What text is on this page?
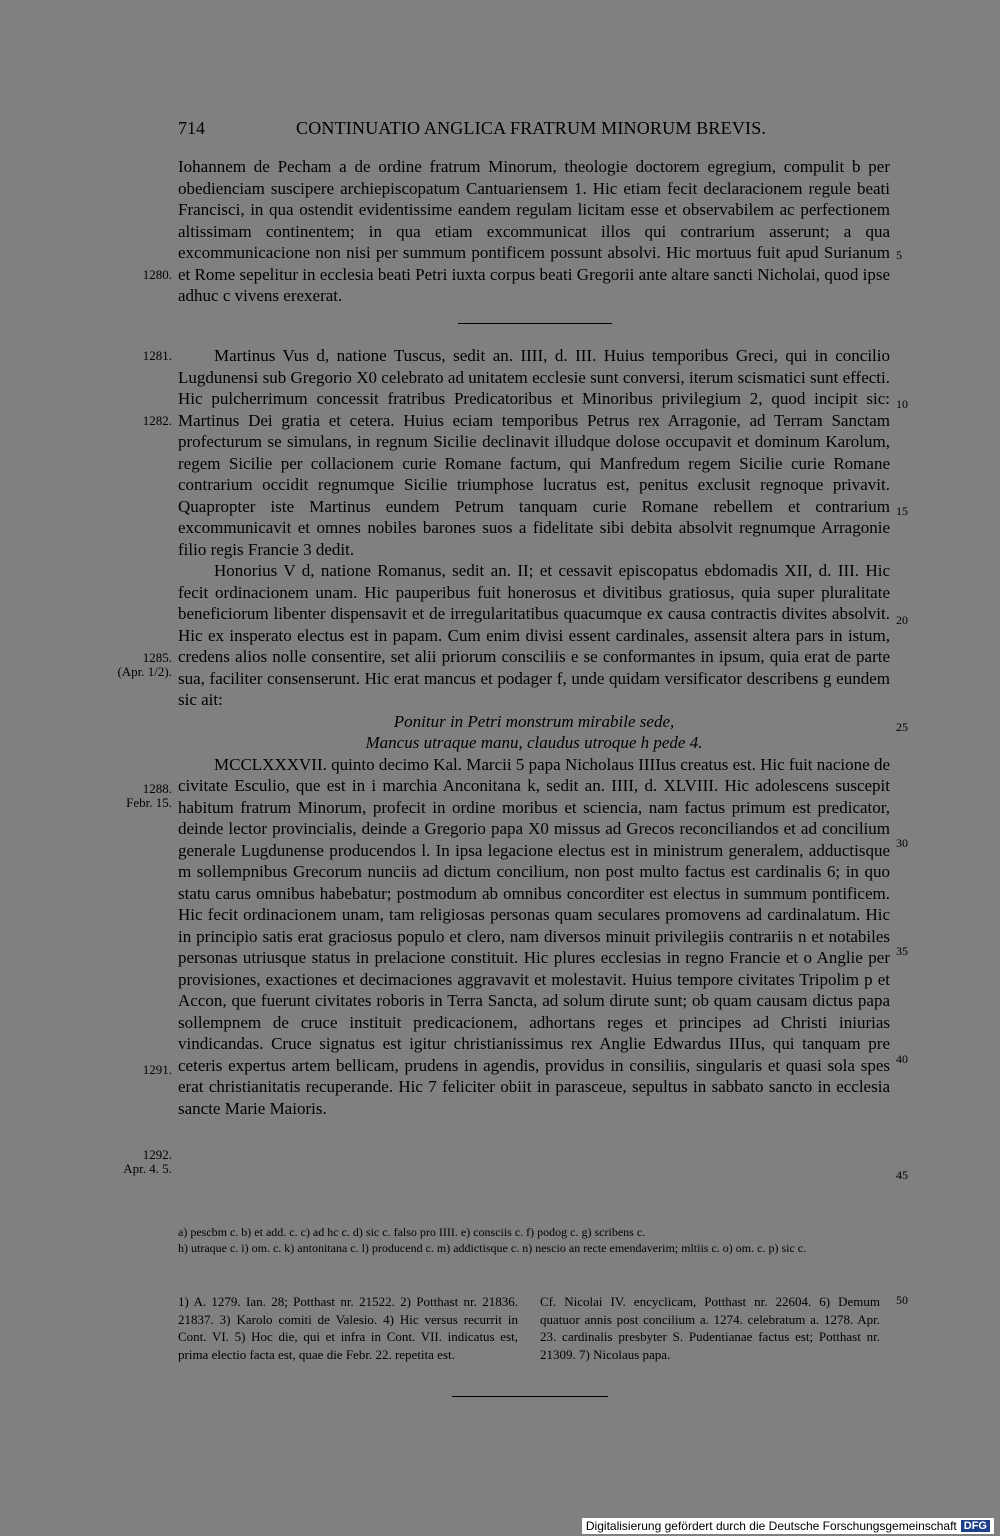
714	CONTINUATIO ANGLICA FRATRUM MINORUM BREVIS.
1280.
1281.
1282.
1285.
(Apr. 1/2).
1288.
Febr. 15.
1291.
1292.
Apr. 4. 5.
5
10
15
20
25
30
35
40
45
50

Iohannem de Pecham a de ordine fratrum Minorum, theologie doctorem egregium, compulit b per obedienciam suscipere archiepiscopatum Cantuariensem 1. Hic etiam fecit declaracionem regule beati Francisci, in qua ostendit evidentissime eandem regulam licitam esse et observabilem ac perfectionem altissimam continentem; in qua etiam excommunicat illos qui contrarium asserunt; a qua excommunicacione non nisi per summum pontificem possunt absolvi. Hic mortuus fuit apud Surianum et Rome sepelitur in ecclesia beati Petri iuxta corpus beati Gregorii ante altare sancti Nicholai, quod ipse adhuc c vivens erexerat.

Martinus Vus d, natione Tuscus, sedit an. IIII, d. III. Huius temporibus Greci, qui in concilio Lugdunensi sub Gregorio X0 celebrato ad unitatem ecclesie sunt conversi, iterum scismatici sunt effecti. Hic pulcherrimum concessit fratribus Predicatoribus et Minoribus privilegium 2, quod incipit sic: Martinus Dei gratia et cetera. Huius eciam temporibus Petrus rex Arragonie, ad Terram Sanctam profecturum se simulans, in regnum Sicilie declinavit illudque dolose occupavit et dominum Karolum, regem Sicilie per collacionem curie Romane factum, qui Manfredum regem Sicilie curie Romane contrarium occidit regnumque Sicilie triumphose lucratus est, penitus exclusit regnoque privavit. Quapropter iste Martinus eundem Petrum tanquam curie Romane rebellem et contrarium excommunicavit et omnes nobiles barones suos a fidelitate sibi debita absolvit regnumque Arragonie filio regis Francie 3 dedit.

Honorius V d, natione Romanus, sedit an. II; et cessavit episcopatus ebdomadis XII, d. III. Hic fecit ordinacionem unam. Hic pauperibus fuit honerosus et divitibus gratiosus, quia super pluralitate beneficiorum libenter dispensavit et de irregularitatibus quacumque ex causa contractis divites absolvit. Hic ex insperato electus est in papam. Cum enim divisi essent cardinales, assensit altera pars in istum, credens alios nolle consentire, set alii priorum consciliis e se conformantes in ipsum, quia erat de parte sua, faciliter consenserunt. Hic erat mancus et podager f, unde quidam versificator describens g eundem sic ait:

Ponitur in Petri monstrum mirabile sede,

Mancus utraque manu, claudus utroque h pede 4.

MCCLXXXVII. quinto decimo Kal. Marcii 5 papa Nicholaus IIIIus creatus est. Hic fuit nacione de civitate Esculio, que est in i marchia Anconitana k, sedit an. IIII, d. XLVIII. Hic adolescens suscepit habitum fratrum Minorum, profecit in ordine moribus et sciencia, nam factus primum est predicator, deinde lector provincialis, deinde a Gregorio papa X0 missus ad Grecos reconciliandos et ad concilium generale Lugdunense producendos l. In ipsa legacione electus est in ministrum generalem, adductisque m sollempnibus Grecorum nunciis ad dictum concilium, non post multo factus est cardinalis 6; in quo statu carus omnibus habebatur; postmodum ab omnibus concorditer est electus in summum pontificem. Hic fecit ordinacionem unam, tam religiosas personas quam seculares promovens ad cardinalatum. Hic in principio satis erat graciosus populo et clero, nam diversos minuit privilegiis contrariis n et notabiles personas utriusque status in prelacione constituit. Hic plures ecclesias in regno Francie et o Anglie per provisiones, exactiones et decimaciones aggravavit et molestavit. Huius tempore civitates Tripolim p et Accon, que fuerunt civitates roboris in Terra Sancta, ad solum dirute sunt; ob quam causam dictus papa sollempnem de cruce instituit predicacionem, adhortans reges et principes ad Christi iniurias vindicandas. Cruce signatus est igitur christianissimus rex Anglie Edwardus IIIus, qui tanquam pre ceteris expertus artem bellicam, prudens in agendis, providus in consiliis, singularis et quasi sola spes erat christianitatis recuperande. Hic 7 feliciter obiit in parasceue, sepultus in sabbato sancto in ecclesia sancte Marie Maioris.

a) pescbm c. b) et add. c. c) ad hc c. d) sic c. falso pro IIII. e) consciis c. f) podog c. g) scribens c.

h) utraque c. i) om. c. k) antonitana c. l) producend c. m) addictisque c. n) nescio an recte emendaverim; mltiis c. o) om. c. p) sic c.

1) A. 1279. Ian. 28; Potthast nr. 21522. 2) Potthast nr. 21836. 21837. 3) Karolo comiti de Valesio. 4) Hic versus recurrit in Cont. VI. 5) Hoc die, qui et infra in Cont. VII. indicatus est, prima electio facta est, quae die Febr. 22. repetita est.
Cf. Nicolai IV. encyclicam, Potthast nr. 22604. 6) Demum quatuor annis post concilium a. 1274. celebratum a. 1278. Apr. 23. cardinalis presbyter S. Pudentianae factus est; Potthast nr. 21309. 7) Nicolaus papa.
Digitalisierung gefördert durch die Deutsche Forschungsgemeinschaft DFG
